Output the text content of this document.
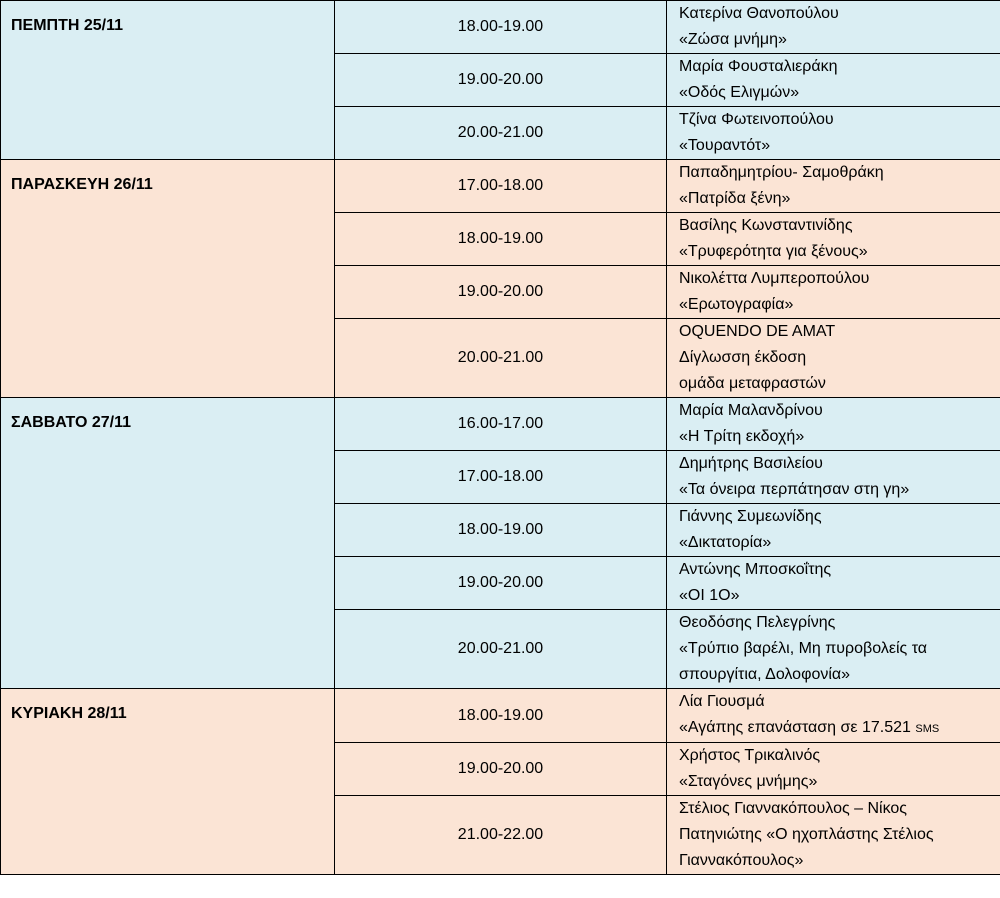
ΠΕΜΠΤΗ 25/11	18.00-19.00	Κατερίνα Θανοπούλου
«Ζώσα μνήμη»

	19.00-20.00	Μαρία Φουσταλιεράκη
«Οδός Ελιγμών»

	20.00-21.00	Τζίνα Φωτεινοπούλου
«Τουραντότ»

ΠΑΡΑΣΚΕΥΗ 26/11	17.00-18.00	Παπαδημητρίου- Σαμοθράκη
«Πατρίδα ξένη»

	18.00-19.00	Βασίλης Κωνσταντινίδης
«Τρυφερότητα για ξένους»

	19.00-20.00	Νικολέττα Λυμπεροπούλου
«Ερωτογραφία»

	20.00-21.00	OQUENDO DE AMAT
Δίγλωσση έκδοση
ομάδα μεταφραστών

ΣΑΒΒΑΤΟ 27/11	16.00-17.00	Μαρία Μαλανδρίνου
«Η Τρίτη εκδοχή»

	17.00-18.00	Δημήτρης Βασιλείου
«Τα όνειρα περπάτησαν στη γη»

	18.00-19.00	Γιάννης Συμεωνίδης
«Δικτατορία»

	19.00-20.00	Αντώνης Μποσκοΐτης
«ΟΙ 1Ο»

	20.00-21.00	Θεοδόσης Πελεγρίνης
«Τρύπιο βαρέλι, Μη πυροβολείς τα
σπουργίτια, Δολοφονία»

ΚΥΡΙΑΚΗ 28/11	18.00-19.00	Λία Γιουσμά
«Αγάπης επανάσταση σε 17.521 SMS

	19.00-20.00	Χρήστος Τρικαλινός
«Σταγόνες μνήμης»

	21.00-22.00	Στέλιος Γιαννακόπουλος – Νίκος
Πατηνιώτης «Ο ηχοπλάστης Στέλιος
Γιαννακόπουλος»
